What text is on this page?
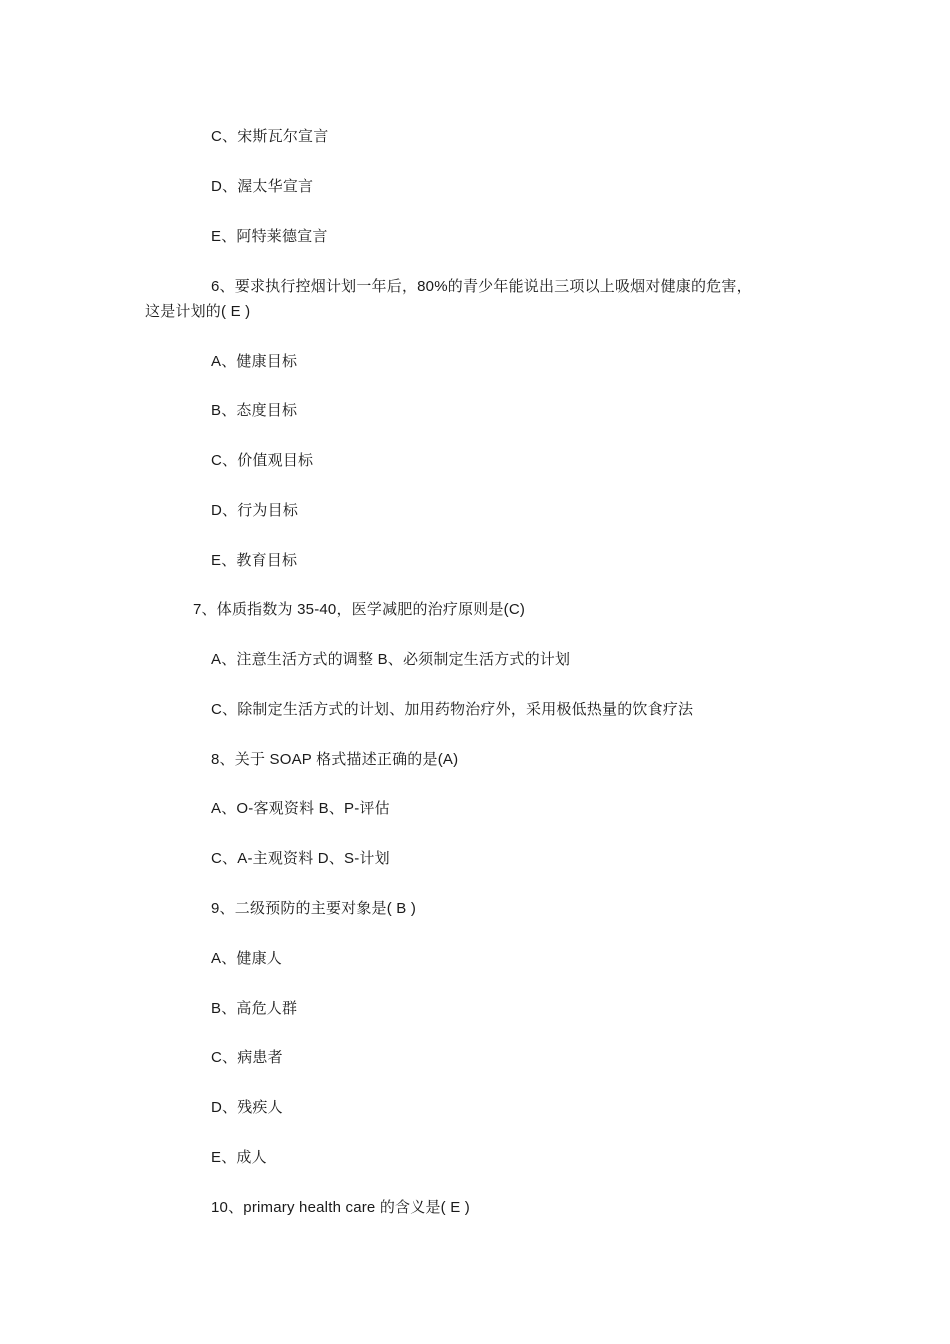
C、宋斯瓦尔宣言
D、渥太华宣言
E、阿特莱德宣言
6、要求执行控烟计划一年后，80%的青少年能说出三项以上吸烟对健康的危害，
这是计划的( E )
A、健康目标
B、态度目标
C、价值观目标
D、行为目标
E、教育目标
7、体质指数为 35-40，医学减肥的治疗原则是(C)
A、注意生活方式的调整 B、必须制定生活方式的计划
C、除制定生活方式的计划、加用药物治疗外，采用极低热量的饮食疗法
8、关于 SOAP 格式描述正确的是(A)
A、O-客观资料 B、P-评估
C、A-主观资料 D、S-计划
9、二级预防的主要对象是( B )
A、健康人
B、高危人群
C、病患者
D、残疾人
E、成人
10、primary health care 的含义是( E )
